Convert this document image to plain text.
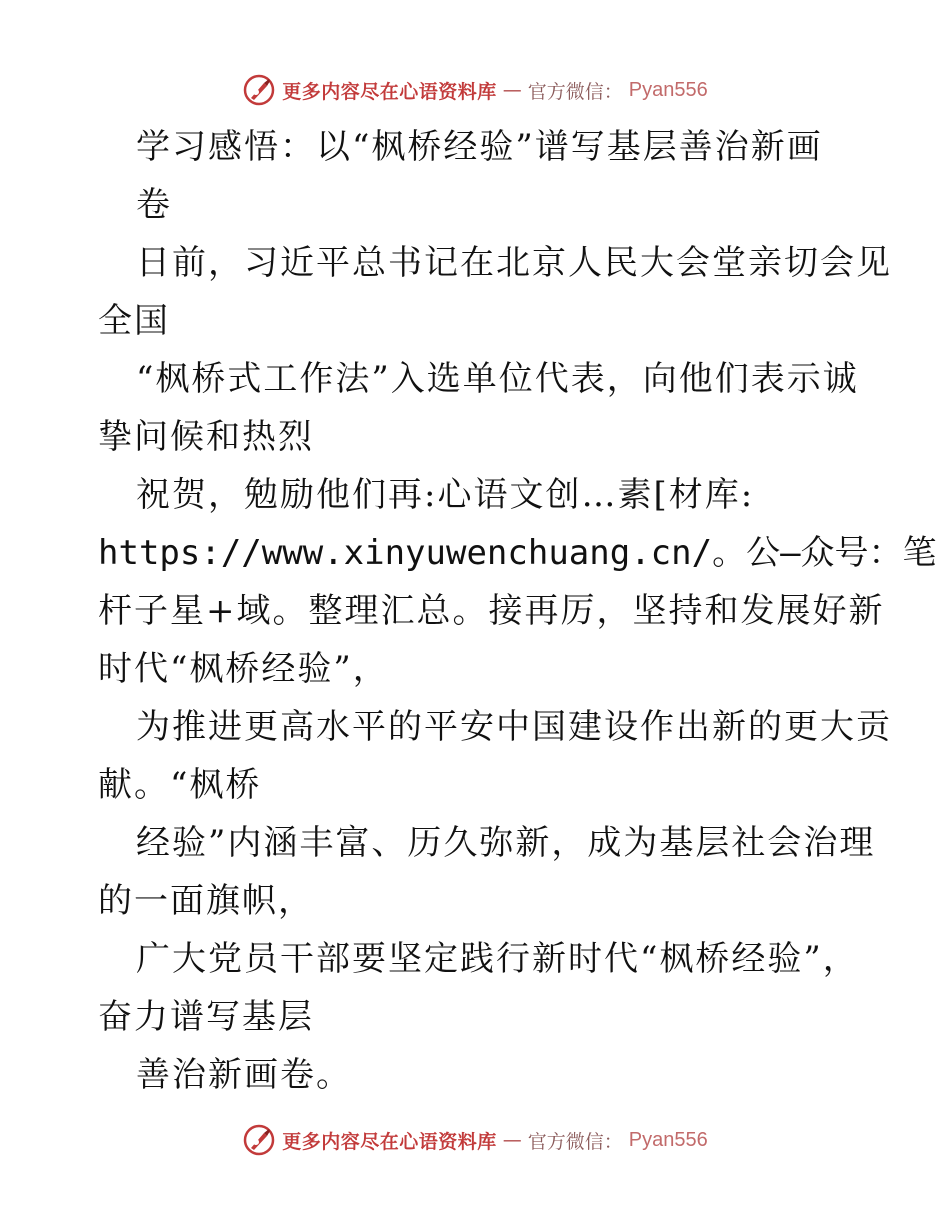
更多内容尽在心语资料库 — 官方微信： Pyan556
学习感悟：以“枫桥经验”谱写基层善治新画
卷
日前，习近平总书记在北京人民大会堂亲切会见
全国
“枫桥式工作法”入选单位代表，向他们表示诚
挚问候和热烈
祝贺，勉励他们再:心语文创…素[材库:
https://www.xinyuwenchuang.cn/。公—众号：笔
杆子星+域。整理汇总。接再厉，坚持和发展好新
时代“枫桥经验”，
为推进更高水平的平安中国建设作出新的更大贡
献。“枫桥
经验”内涵丰富、历久弥新，成为基层社会治理
的一面旗帜，
广大党员干部要坚定践行新时代“枫桥经验”，
奋力谱写基层
善治新画卷。
更多内容尽在心语资料库 — 官方微信： Pyan556
